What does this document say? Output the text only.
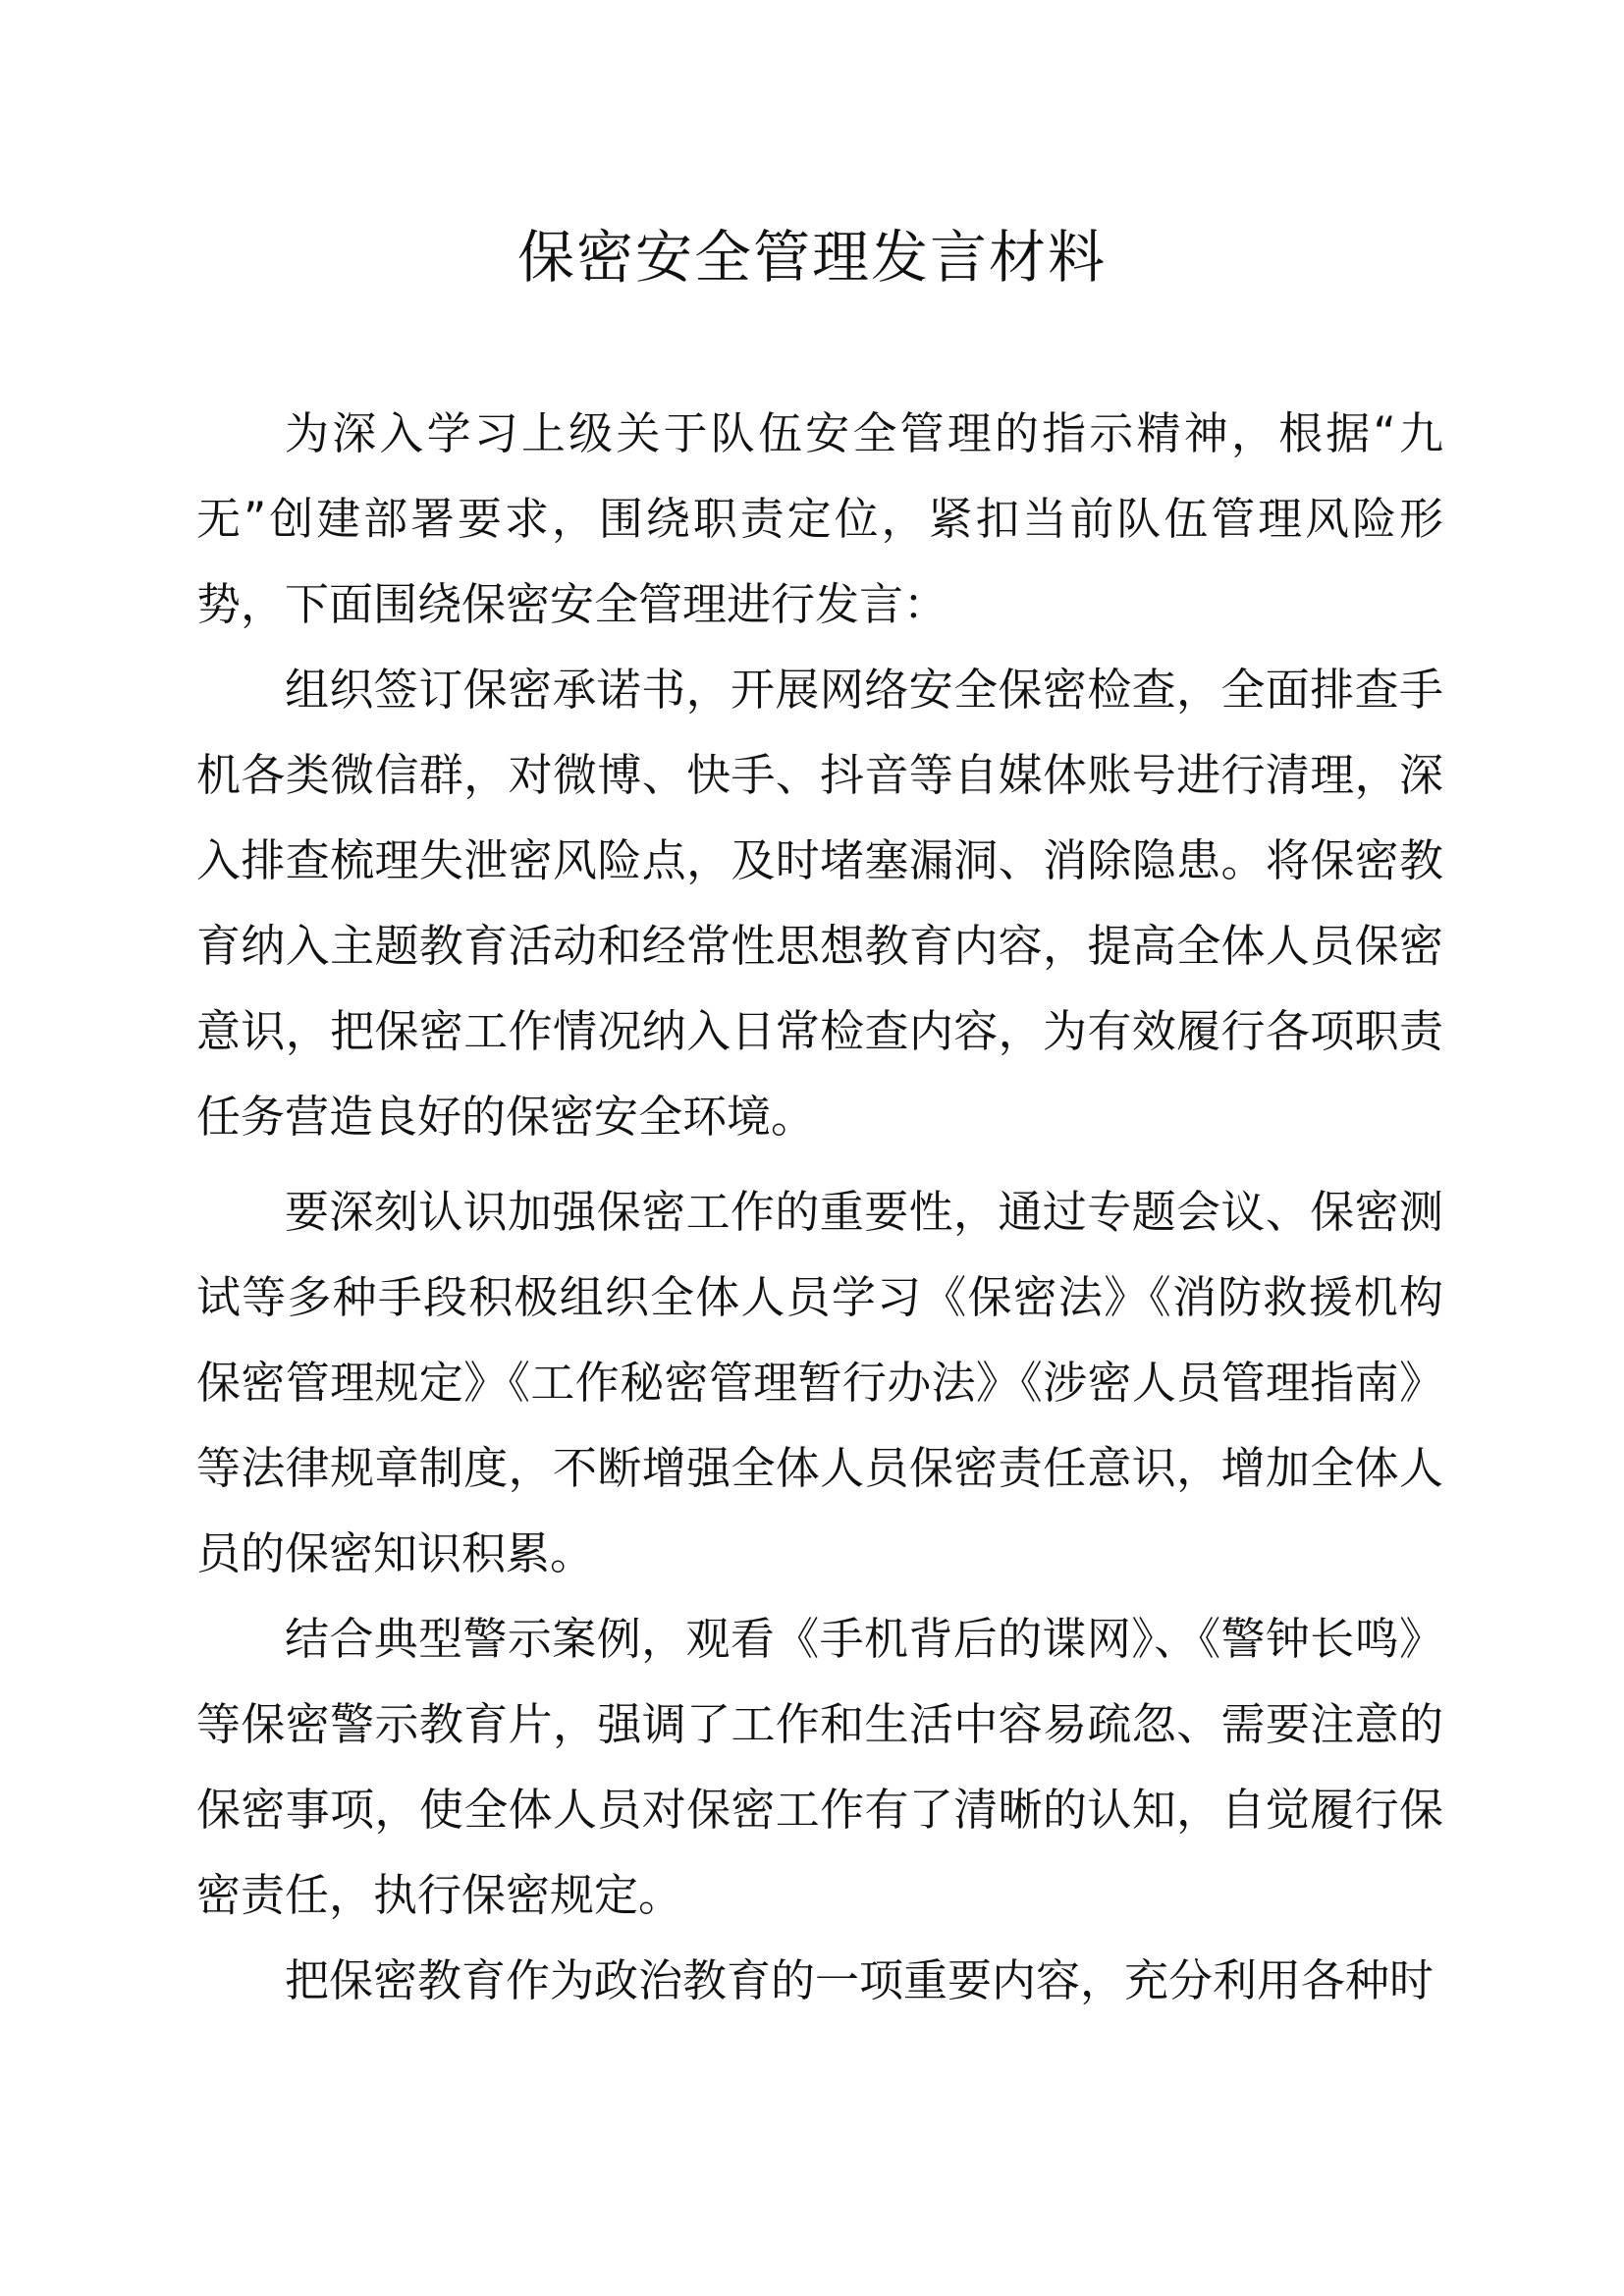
保密安全管理发言材料

为深入学习上级关于队伍安全管理的指示精神，根据“九无”创建部署要求，围绕职责定位，紧扣当前队伍管理风险形势，下面围绕保密安全管理进行发言：

组织签订保密承诺书，开展网络安全保密检查，全面排查手机各类微信群，对微博、快手、抖音等自媒体账号进行清理，深入排查梳理失泄密风险点，及时堵塞漏洞、消除隐患。将保密教育纳入主题教育活动和经常性思想教育内容，提高全体人员保密意识，把保密工作情况纳入日常检查内容，为有效履行各项职责任务营造良好的保密安全环境。

要深刻认识加强保密工作的重要性，通过专题会议、保密测试等多种手段积极组织全体人员学习《保密法》《消防救援机构保密管理规定》《工作秘密管理暂行办法》《涉密人员管理指南》等法律规章制度，不断增强全体人员保密责任意识，增加全体人员的保密知识积累。

结合典型警示案例，观看《手机背后的谍网》、《警钟长鸣》等保密警示教育片，强调了工作和生活中容易疏忽、需要注意的保密事项，使全体人员对保密工作有了清晰的认知，自觉履行保密责任，执行保密规定。

把保密教育作为政治教育的一项重要内容，充分利用各种时
